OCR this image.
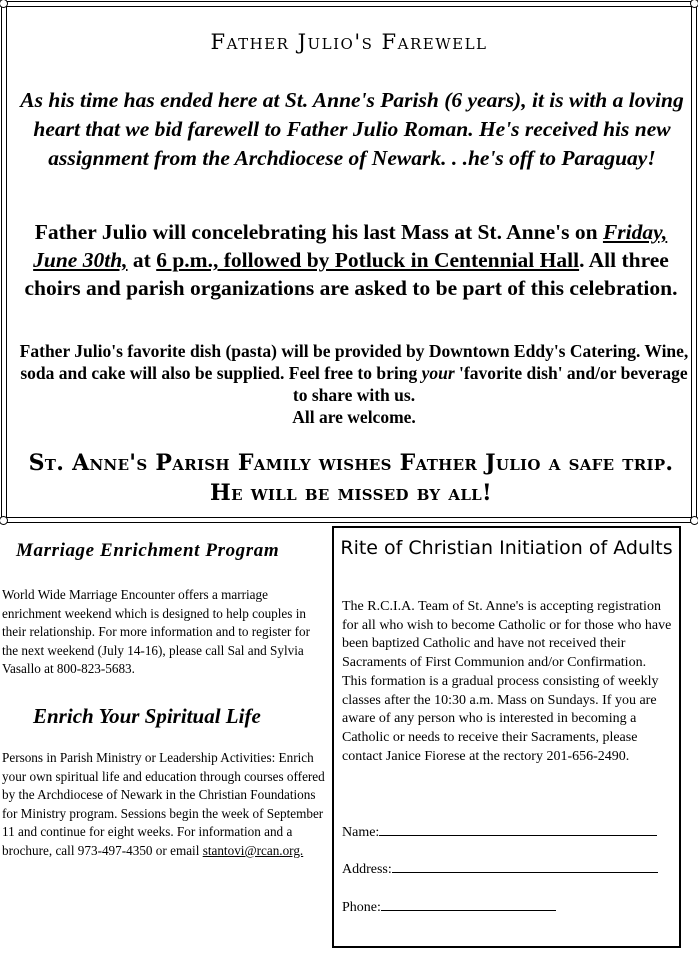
Father Julio's Farewell
As his time has ended here at St. Anne's Parish (6 years), it is with a loving heart that we bid farewell to Father Julio Roman. He's received his new assignment from the Archdiocese of Newark. . .he's off to Paraguay!
Father Julio will concelebrating his last Mass at St. Anne's on Friday, June 30th, at 6 p.m., followed by Potluck in Centennial Hall. All three choirs and parish organizations are asked to be part of this celebration.
Father Julio's favorite dish (pasta) will be provided by Downtown Eddy's Catering. Wine, soda and cake will also be supplied. Feel free to bring your 'favorite dish' and/or beverage to share with us.
All are welcome.
St. Anne's Parish Family wishes Father Julio a safe trip. He will be missed by all!
Marriage Enrichment Program
World Wide Marriage Encounter offers a marriage enrichment weekend which is designed to help couples in their relationship. For more information and to register for the next weekend (July 14-16), please call Sal and Sylvia Vasallo at 800-823-5683.
Enrich Your Spiritual Life
Persons in Parish Ministry or Leadership Activities: Enrich your own spiritual life and education through courses offered by the Archdiocese of Newark in the Christian Foundations for Ministry program. Sessions begin the week of September 11 and continue for eight weeks. For information and a brochure, call 973-497-4350 or email stantovi@rcan.org.
Rite of Christian Initiation of Adults
The R.C.I.A. Team of St. Anne's is accepting registration for all who wish to become Catholic or for those who have been baptized Catholic and have not received their Sacraments of First Communion and/or Confirmation.
This formation is a gradual process consisting of weekly classes after the 10:30 a.m. Mass on Sundays. If you are aware of any person who is interested in becoming a Catholic or needs to receive their Sacraments, please contact Janice Fiorese at the rectory 201-656-2490.
Name:
Address:
Phone:
